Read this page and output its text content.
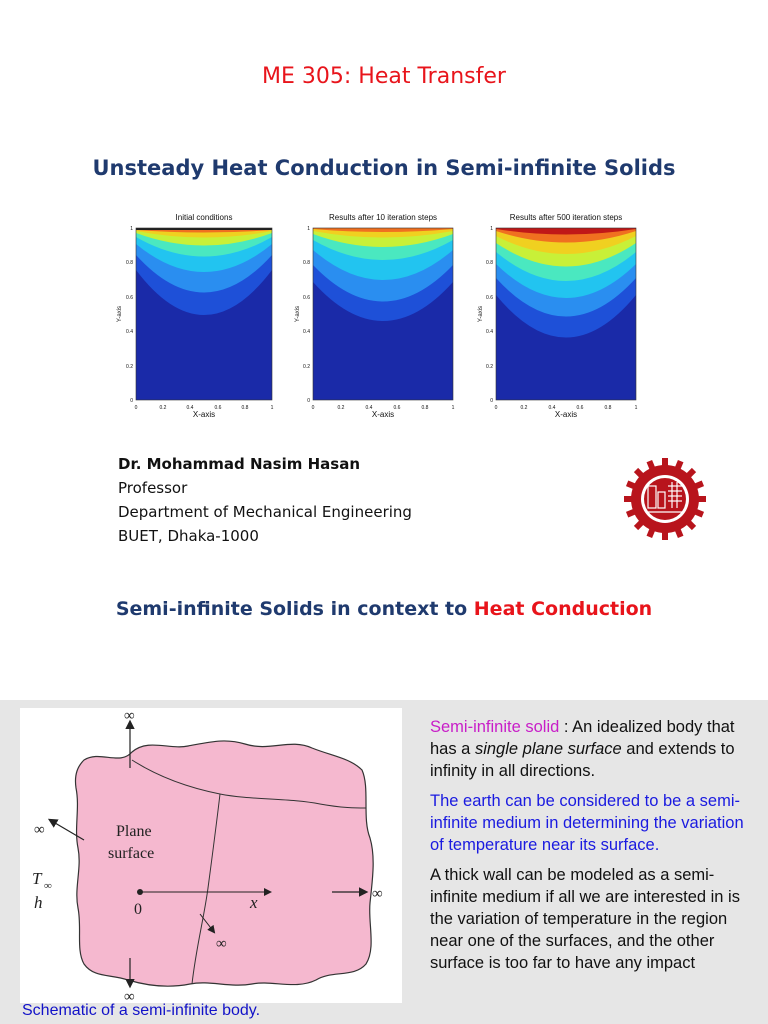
ME 305: Heat Transfer
Unsteady Heat Conduction in Semi-infinite Solids
Initial conditions
X-axis
Y-axis
0	0.2	0.4	0.6	0.8	1
0
0.2
0.4
0.6
0.8
1
Results after 10 iteration steps
X-axis
Y-axis
0	0.2	0.4	0.6	0.8	1
0
0.2
0.4
0.6
0.8
1
Results after 500 iteration steps
X-axis
Y-axis
0	0.2	0.4	0.6	0.8	1
0
0.2
0.4
0.6
0.8
1
Dr. Mohammad Nasim Hasan
Professor
Department of Mechanical Engineering
BUET, Dhaka-1000
Semi-infinite Solids in context to Heat Conduction
∞
∞
∞
∞
∞
Plane
surface
T ∞
h	0	x
Schematic of a semi-infinite body.

Semi-infinite solid : An idealized body that has a single plane surface and extends to infinity in all directions.

The earth can be considered to be a semi-infinite medium in determining the variation of temperature near its surface.

A thick wall can be modeled as a semi-infinite medium if all we are interested in is the variation of temperature in the region near one of the surfaces, and the other surface is too far to have any impact
